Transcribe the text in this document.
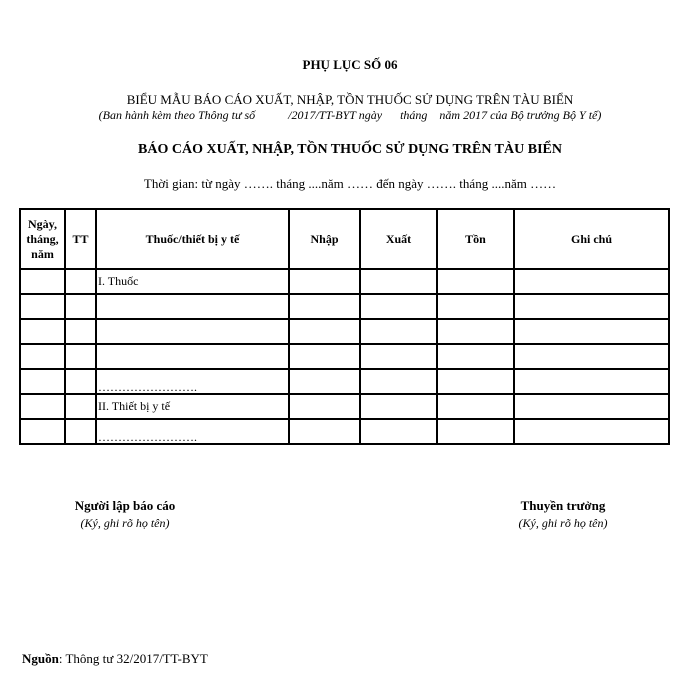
PHỤ LỤC SỐ 06
BIỂU MẪU BÁO CÁO XUẤT, NHẬP, TỒN THUỐC SỬ DỤNG TRÊN TÀU BIỂN
(Ban hành kèm theo Thông tư số           /2017/TT-BYT ngày      tháng    năm 2017 của Bộ trưởng Bộ Y tế)
BÁO CÁO XUẤT, NHẬP, TỒN THUỐC SỬ DỤNG TRÊN TÀU BIỂN
Thời gian: từ ngày ……. tháng ....năm …… đến ngày ……. tháng ....năm ……
Ngày, tháng, năm	TT	Thuốc/thiết bị y tế	Nhập	Xuất	Tồn	Ghi chú
		I. Thuốc				

		…………………….				
		II. Thiết bị y tế				
		…………………….				
Người lập báo cáo
(Ký, ghi rõ họ tên)
Thuyền trưởng
(Ký, ghi rõ họ tên)
Nguồn: Thông tư 32/2017/TT-BYT
